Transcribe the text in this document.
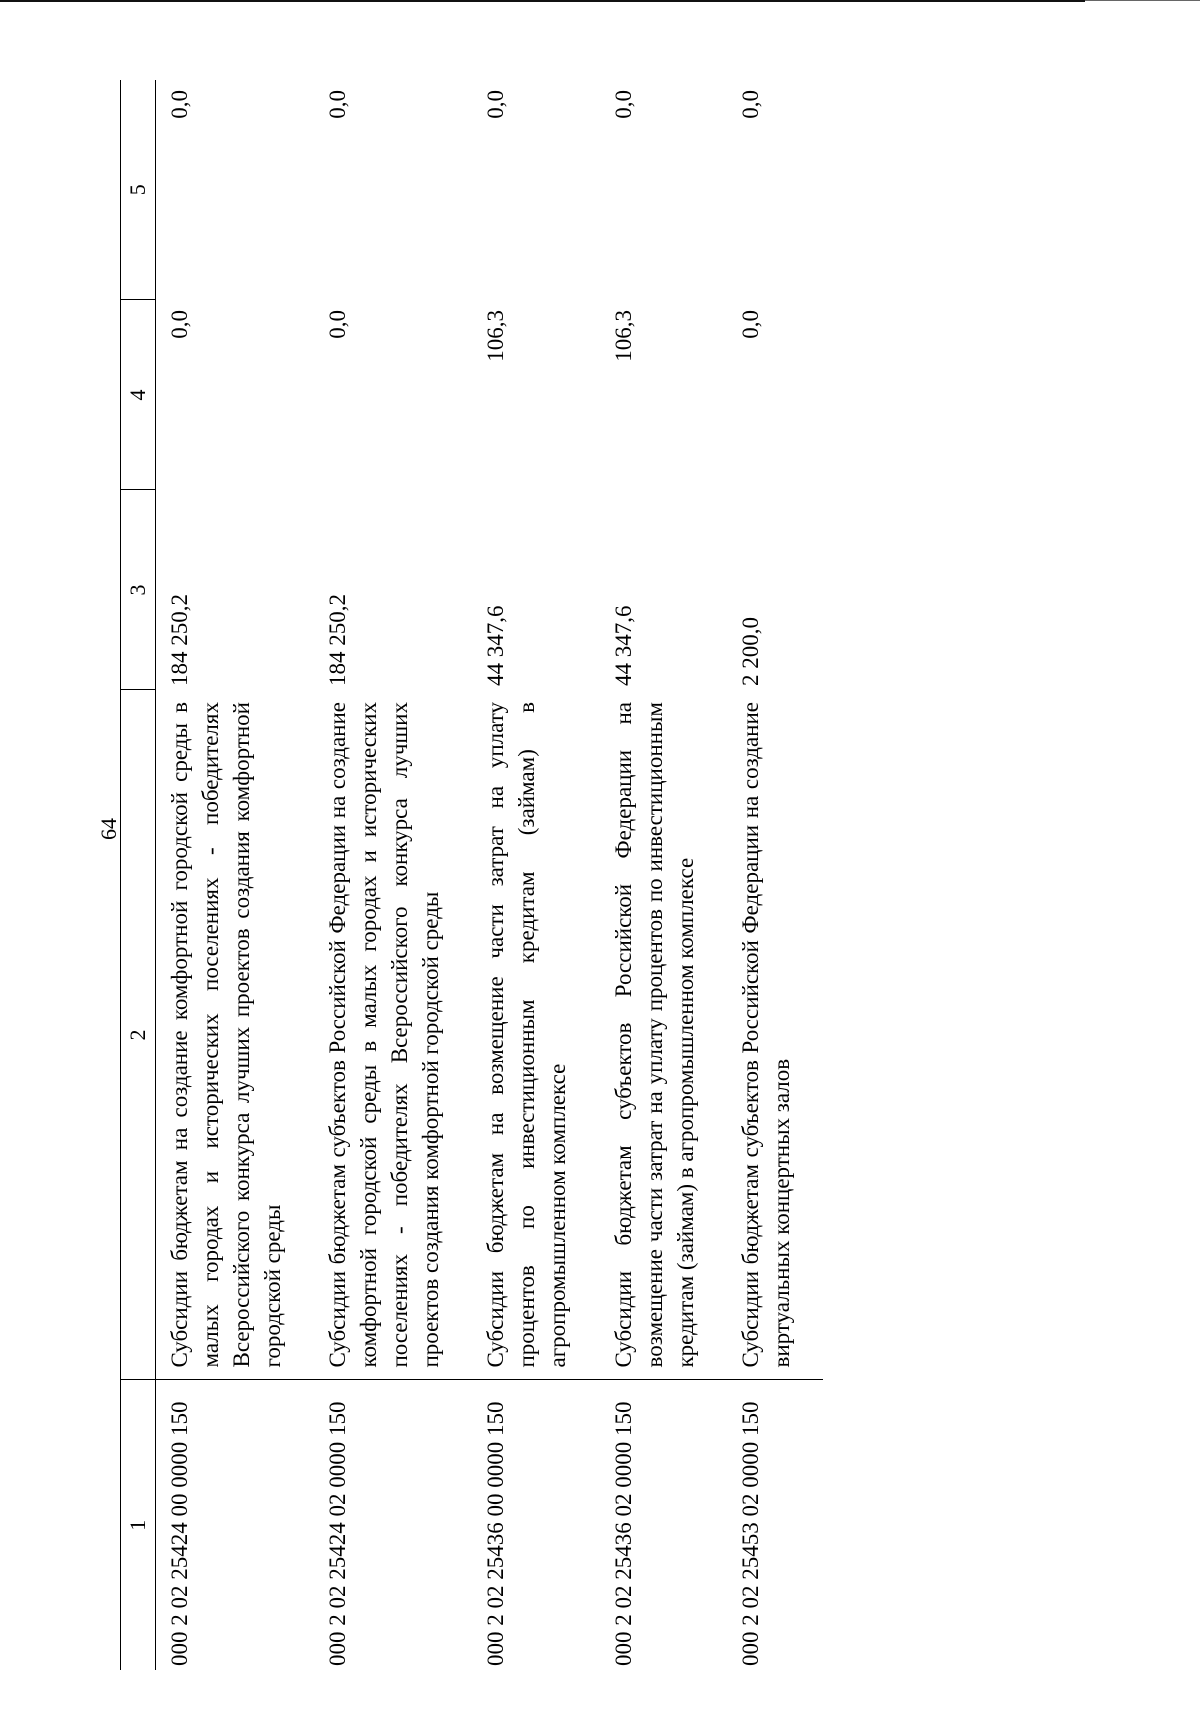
64
1	2	3	4	5
000 2 02 25424 00 0000 150	Субсидии бюджетам на создание комфортной городской среды в малых городах и исторических поселениях - победителях Всероссийского конкурса лучших проектов создания комфортной городской среды	184 250,2	0,0	0,0
000 2 02 25424 02 0000 150	Субсидии бюджетам субъектов Российской Федерации на создание комфортной городской среды в малых городах и исторических поселениях - победителях Всероссийского конкурса лучших проектов создания комфортной городской среды	184 250,2	0,0	0,0
000 2 02 25436 00 0000 150	Субсидии бюджетам на возмещение части затрат на уплату процентов по инвестиционным кредитам (займам) в агропромышленном комплексе	44 347,6	106,3	0,0
000 2 02 25436 02 0000 150	Субсидии бюджетам субъектов Российской Федерации на возмещение части затрат на уплату процентов по инвестиционным кредитам (займам) в агропромышленном комплексе	44 347,6	106,3	0,0
000 2 02 25453 02 0000 150	Субсидии бюджетам субъектов Российской Федерации на создание виртуальных концертных залов	2 200,0	0,0	0,0
